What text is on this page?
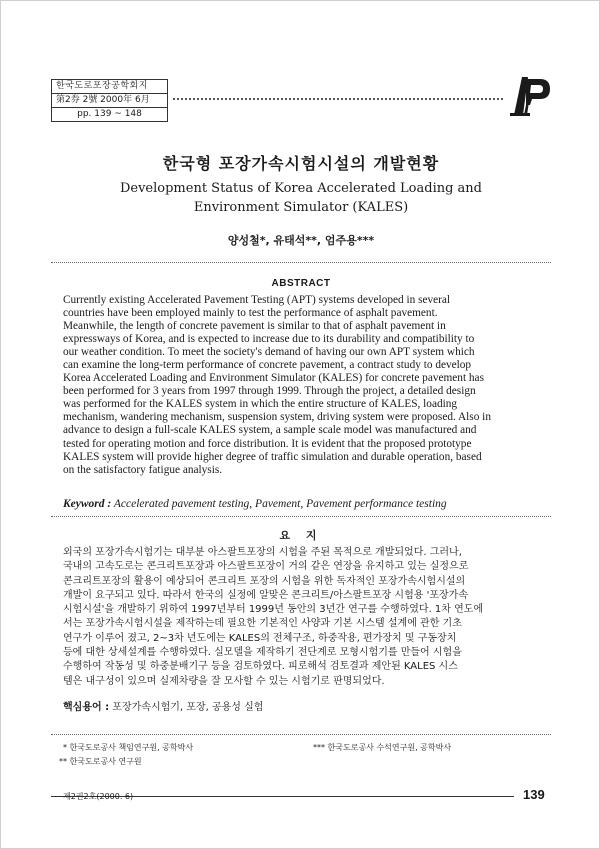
한국도로포장공학회지
第2券 2號 2000年 6月
pp. 139 ~ 148
한국형 포장가속시험시설의 개발현황
Development Status of Korea Accelerated Loading and
Environment Simulator (KALES)
양성철*, 유태석**, 엄주용***
ABSTRACT
Currently existing Accelerated Pavement Testing (APT) systems developed in several
countries have been employed mainly to test the performance of asphalt pavement.
Meanwhile, the length of concrete pavement is similar to that of asphalt pavement in
expressways of Korea, and is expected to increase due to its durability and compatibility to
our weather condition. To meet the society's demand of having our own APT system which
can examine the long-term performance of concrete pavement, a contract study to develop
Korea Accelerated Loading and Environment Simulator (KALES) for concrete pavement has
been performed for 3 years from 1997 through 1999. Through the project, a detailed design
was performed for the KALES system in which the entire structure of KALES, loading
mechanism, wandering mechanism, suspension system, driving system were proposed. Also in
advance to design a full-scale KALES system, a sample scale model was manufactured and
tested for operating motion and force distribution. It is evident that the proposed prototype
KALES system will provide higher degree of traffic simulation and durable operation, based
on the satisfactory fatigue analysis.
Keyword : Accelerated pavement testing, Pavement, Pavement performance testing
요 지
외국의 포장가속시험기는 대부분 아스팔트포장의 시험을 주된 목적으로 개발되었다. 그러나,
국내의 고속도로는 콘크리트포장과 아스팔트포장이 거의 같은 연장을 유지하고 있는 실정으로
콘크리트포장의 활용이 예상되어 콘크리트 포장의 시험을 위한 독자적인 포장가속시험시설의
개발이 요구되고 있다. 따라서 한국의 실정에 알맞은 콘크리트/아스팔트포장 시험용 '포장가속
시험시설'을 개발하기 위하여 1997년부터 1999년 동안의 3년간 연구를 수행하였다. 1차 연도에
서는 포장가속시험시설을 제작하는데 필요한 기본적인 사양과 기본 시스템 설계에 관한 기초
연구가 이루어 졌고, 2~3차 년도에는 KALES의 전체구조, 하중작용, 편가장치 및 구동장치
등에 대한 상세설계를 수행하였다. 실모델을 제작하기 전단계로 모형시험기를 만들어 시험을
수행하여 작동성 및 하중분배기구 등을 검토하였다. 피로해석 검토결과 제안된 KALES 시스
템은 내구성이 있으며 실제차량을 잘 모사할 수 있는 시험기로 판명되었다.
핵심용어 : 포장가속시험기, 포장, 공용성 실험
* 한국도로공사 책임연구원, 공학박사
** 한국도로공사 연구원
*** 한국도로공사 수석연구원, 공학박사
제2권2호(2000. 6)	139
